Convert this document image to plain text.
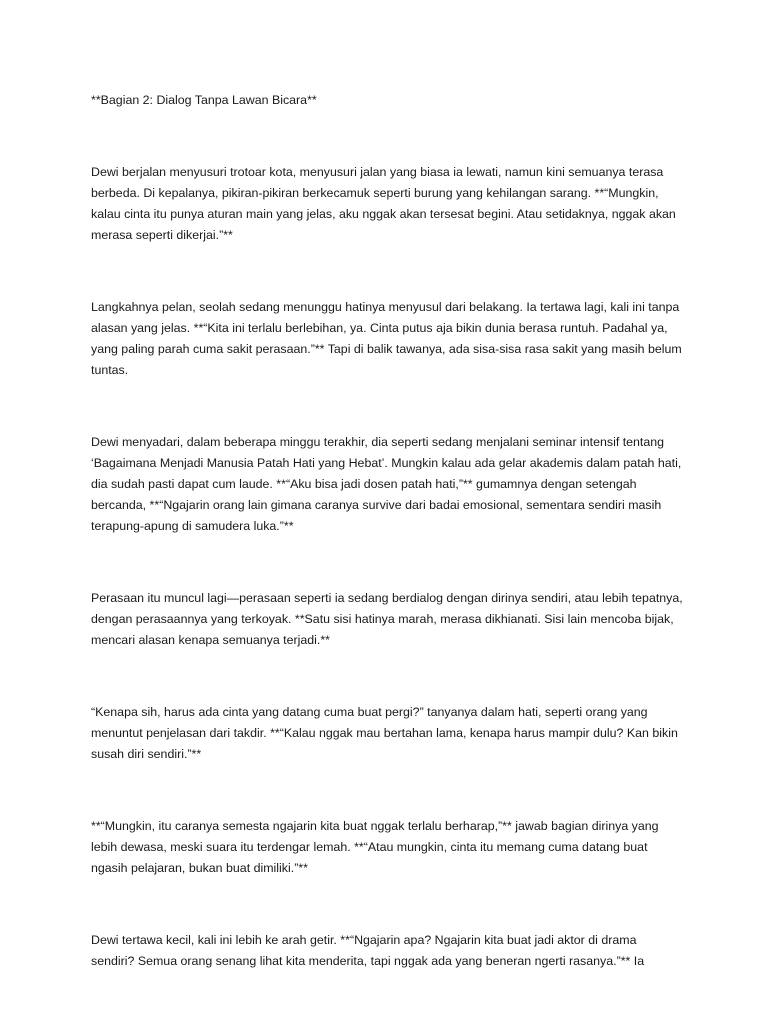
**Bagian 2: Dialog Tanpa Lawan Bicara**

Dewi berjalan menyusuri trotoar kota, menyusuri jalan yang biasa ia lewati, namun kini semuanya terasa berbeda. Di kepalanya, pikiran-pikiran berkecamuk seperti burung yang kehilangan sarang. **“Mungkin, kalau cinta itu punya aturan main yang jelas, aku nggak akan tersesat begini. Atau setidaknya, nggak akan merasa seperti dikerjai.”**

Langkahnya pelan, seolah sedang menunggu hatinya menyusul dari belakang. Ia tertawa lagi, kali ini tanpa alasan yang jelas. **“Kita ini terlalu berlebihan, ya. Cinta putus aja bikin dunia berasa runtuh. Padahal ya, yang paling parah cuma sakit perasaan.”** Tapi di balik tawanya, ada sisa-sisa rasa sakit yang masih belum tuntas.

Dewi menyadari, dalam beberapa minggu terakhir, dia seperti sedang menjalani seminar intensif tentang ‘Bagaimana Menjadi Manusia Patah Hati yang Hebat’. Mungkin kalau ada gelar akademis dalam patah hati, dia sudah pasti dapat cum laude. **“Aku bisa jadi dosen patah hati,”** gumamnya dengan setengah bercanda, **“Ngajarin orang lain gimana caranya survive dari badai emosional, sementara sendiri masih terapung-apung di samudera luka.”**

Perasaan itu muncul lagi—perasaan seperti ia sedang berdialog dengan dirinya sendiri, atau lebih tepatnya, dengan perasaannya yang terkoyak. **Satu sisi hatinya marah, merasa dikhianati. Sisi lain mencoba bijak, mencari alasan kenapa semuanya terjadi.**

“Kenapa sih, harus ada cinta yang datang cuma buat pergi?” tanyanya dalam hati, seperti orang yang menuntut penjelasan dari takdir. **“Kalau nggak mau bertahan lama, kenapa harus mampir dulu? Kan bikin susah diri sendiri.”**

**“Mungkin, itu caranya semesta ngajarin kita buat nggak terlalu berharap,”** jawab bagian dirinya yang lebih dewasa, meski suara itu terdengar lemah. **“Atau mungkin, cinta itu memang cuma datang buat ngasih pelajaran, bukan buat dimiliki.”**

Dewi tertawa kecil, kali ini lebih ke arah getir. **“Ngajarin apa? Ngajarin kita buat jadi aktor di drama sendiri? Semua orang senang lihat kita menderita, tapi nggak ada yang beneran ngerti rasanya.”** Ia
